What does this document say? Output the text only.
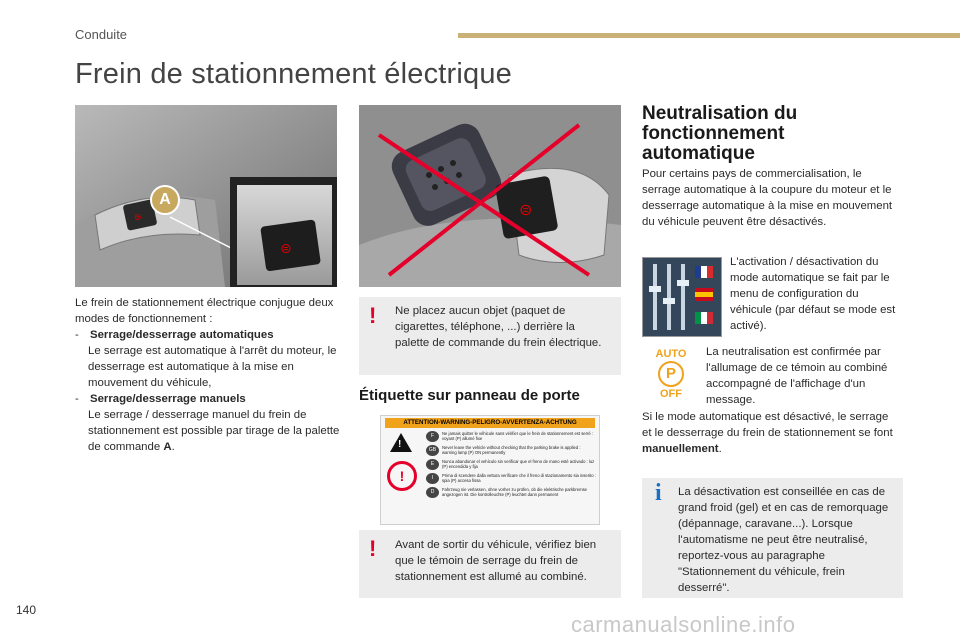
Conduite
Frein de stationnement électrique
⊜
⊜
A
Le frein de stationnement électrique conjugue deux modes de fonctionnement :
- Serrage/desserrage automatiques
Le serrage est automatique à l'arrêt du moteur, le desserrage est automatique à la mise en mouvement du véhicule,
- Serrage/desserrage manuels
Le serrage / desserrage manuel du frein de stationnement est possible par tirage de la palette de commande A.
⊜
! Ne placez aucun objet (paquet de cigarettes, téléphone, ...) derrière la palette de commande du frein électrique.
Étiquette sur panneau de porte
ATTENTION-WARNING-PELIGRO-AVVERTENZA-ACHTUNG
!
!
F	Ne jamais quitter le véhicule sans vérifier que le frein de stationnement est serré : voyant (P) allumé fixe
GB	Never leave the vehicle without checking that the parking brake is applied : warning lamp (P) ON permanently
E	Nunca abandonar el vehículo sin verificar que el freno de mano esté activado : luz (P) encendida y fija
I	Prima di scendere dalla vettura verificare che il freno di stazionamento sia inserito : spia (P) accesa fissa
D	Fahrzeug nie verlassen, ohne vorher zu prüfen, ob die elektrische parkbremse angezogen ist. Die kontrolleuchte (P) leuchtet dann permanent
! Avant de sortir du véhicule, vérifiez bien que le témoin de serrage du frein de stationnement est allumé au combiné.
Neutralisation du fonctionnement automatique
Pour certains pays de commercialisation, le serrage automatique à la coupure du moteur et le desserrage automatique à la mise en mouvement du véhicule peuvent être désactivés.
L'activation / désactivation du mode automatique se fait par le menu de configuration du véhicule (par défaut se mode est activé).
AUTO
P
OFF
La neutralisation est confirmée par l'allumage de ce témoin au combiné accompagné de l'affichage d'un message.
Si le mode automatique est désactivé, le serrage et le desserrage du frein de stationnement se font manuellement.
i La désactivation est conseillée en cas de grand froid (gel) et en cas de remorquage (dépannage, caravane...). Lorsque l'automatisme ne peut être neutralisé, reportez-vous au paragraphe "Stationnement du véhicule, frein desserré".
140
carmanualsonline.info
